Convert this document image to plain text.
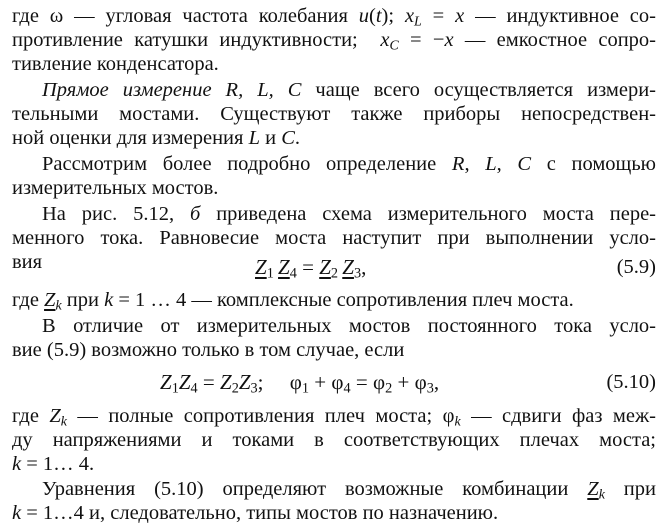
где ω — угловая частота колебания u(t); $x_L = x$ — индуктивное со-
противление катушки индуктивности;  $x_C = -x$ — емкостное сопро-
тивление конденсатора.
Прямое измерение R, L, C чаще всего осуществляется измери-
тельными мостами. Существуют также приборы непосредствен-
ной оценки для измерения L и C.
Рассмотрим более подробно определение R, L, C с помощью
измерительных мостов.
На рис. 5.12, б приведена схема измерительного моста пере-
менного тока. Равновесие моста наступит при выполнении усло-
вия	$Z_1$  $Z_4 = Z_2$  $Z_3$,	(5.9)
где $Z_k$ при k = 1 … 4 — комплексные сопротивления плеч моста.
В отличие от измерительных мостов постоянного тока усло-
вие (5.9) возможно только в том случае, если
$Z_1Z_4 = Z_2Z_3$;     $\varphi_1 + \varphi_4 = \varphi_2 + \varphi_3$,	(5.10)
где $Z_k$ — полные сопротивления плеч моста; $\varphi_k$ — сдвиги фаз меж-
ду напряжениями и токами в соответствующих плечах моста;
k = 1… 4.
Уравнения (5.10) определяют возможные комбинации $Z_k$ при
k = 1…4 и, следовательно, типы мостов по назначению.
